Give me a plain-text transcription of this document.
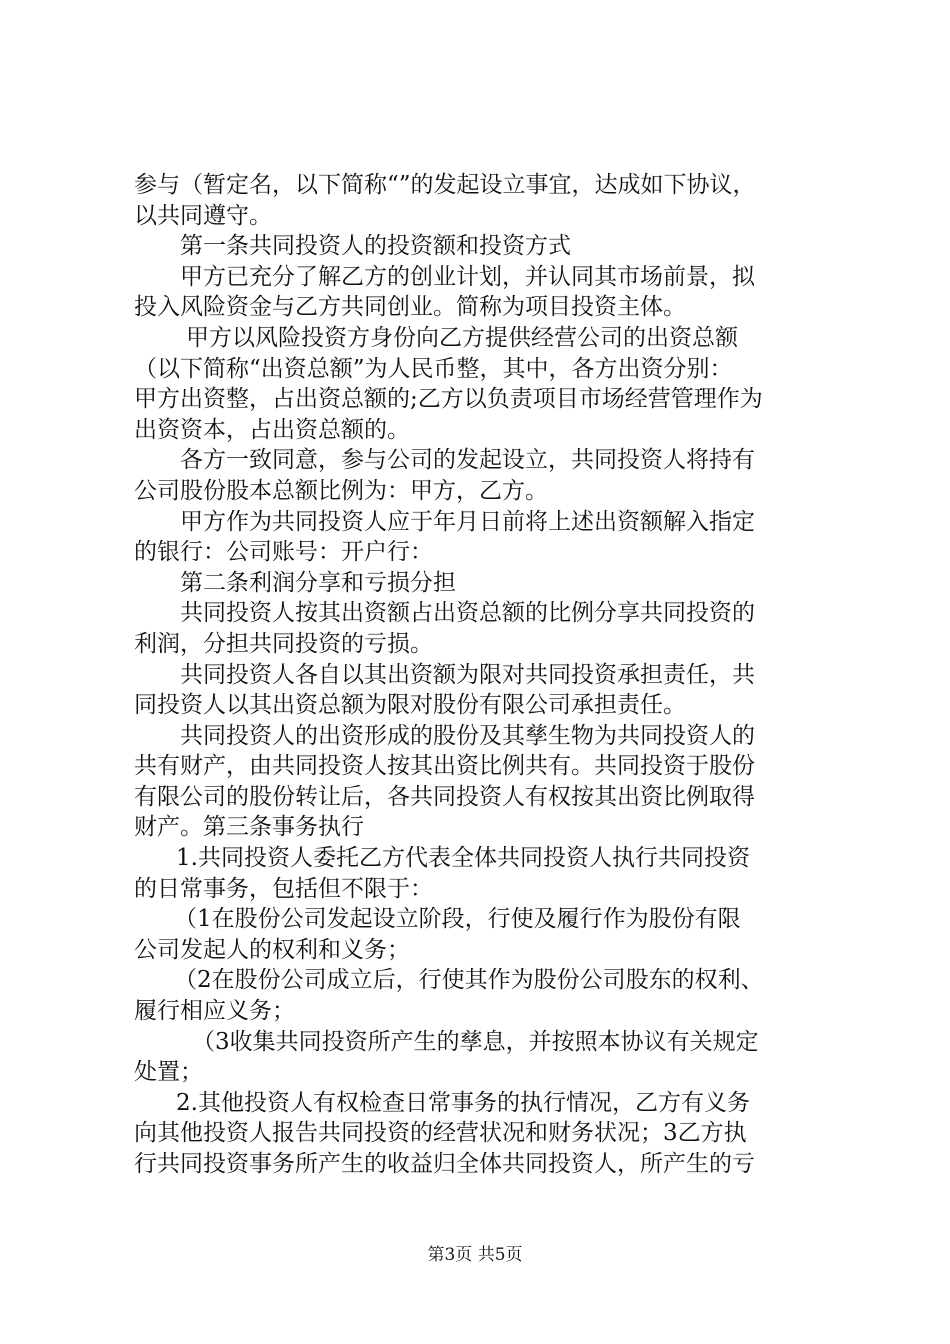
参与（暂定名，以下简称“”的发起设立事宜，达成如下协议，
以共同遵守。
第一条共同投资人的投资额和投资方式
甲方已充分了解乙方的创业计划，并认同其市场前景，拟
投入风险资金与乙方共同创业。简称为项目投资主体。
甲方以风险投资方身份向乙方提供经营公司的出资总额
（以下简称“出资总额”为人民币整，其中，各方出资分别：
甲方出资整，占出资总额的;乙方以负责项目市场经营管理作为
出资资本，占出资总额的。
各方一致同意，参与公司的发起设立，共同投资人将持有
公司股份股本总额比例为：甲方，乙方。
甲方作为共同投资人应于年月日前将上述出资额解入指定
的银行：公司账号：开户行：
第二条利润分享和亏损分担
共同投资人按其出资额占出资总额的比例分享共同投资的
利润，分担共同投资的亏损。
共同投资人各自以其出资额为限对共同投资承担责任，共
同投资人以其出资总额为限对股份有限公司承担责任。
共同投资人的出资形成的股份及其孳生物为共同投资人的
共有财产，由共同投资人按其出资比例共有。共同投资于股份
有限公司的股份转让后，各共同投资人有权按其出资比例取得
财产。第三条事务执行
1.共同投资人委托乙方代表全体共同投资人执行共同投资
的日常事务，包括但不限于：
（1在股份公司发起设立阶段，行使及履行作为股份有限
公司发起人的权利和义务；
（2在股份公司成立后，行使其作为股份公司股东的权利、
履行相应义务；
（3收集共同投资所产生的孳息，并按照本协议有关规定
处置；
2.其他投资人有权检查日常事务的执行情况，乙方有义务
向其他投资人报告共同投资的经营状况和财务状况；3乙方执
行共同投资事务所产生的收益归全体共同投资人，所产生的亏
第3页 共5页
